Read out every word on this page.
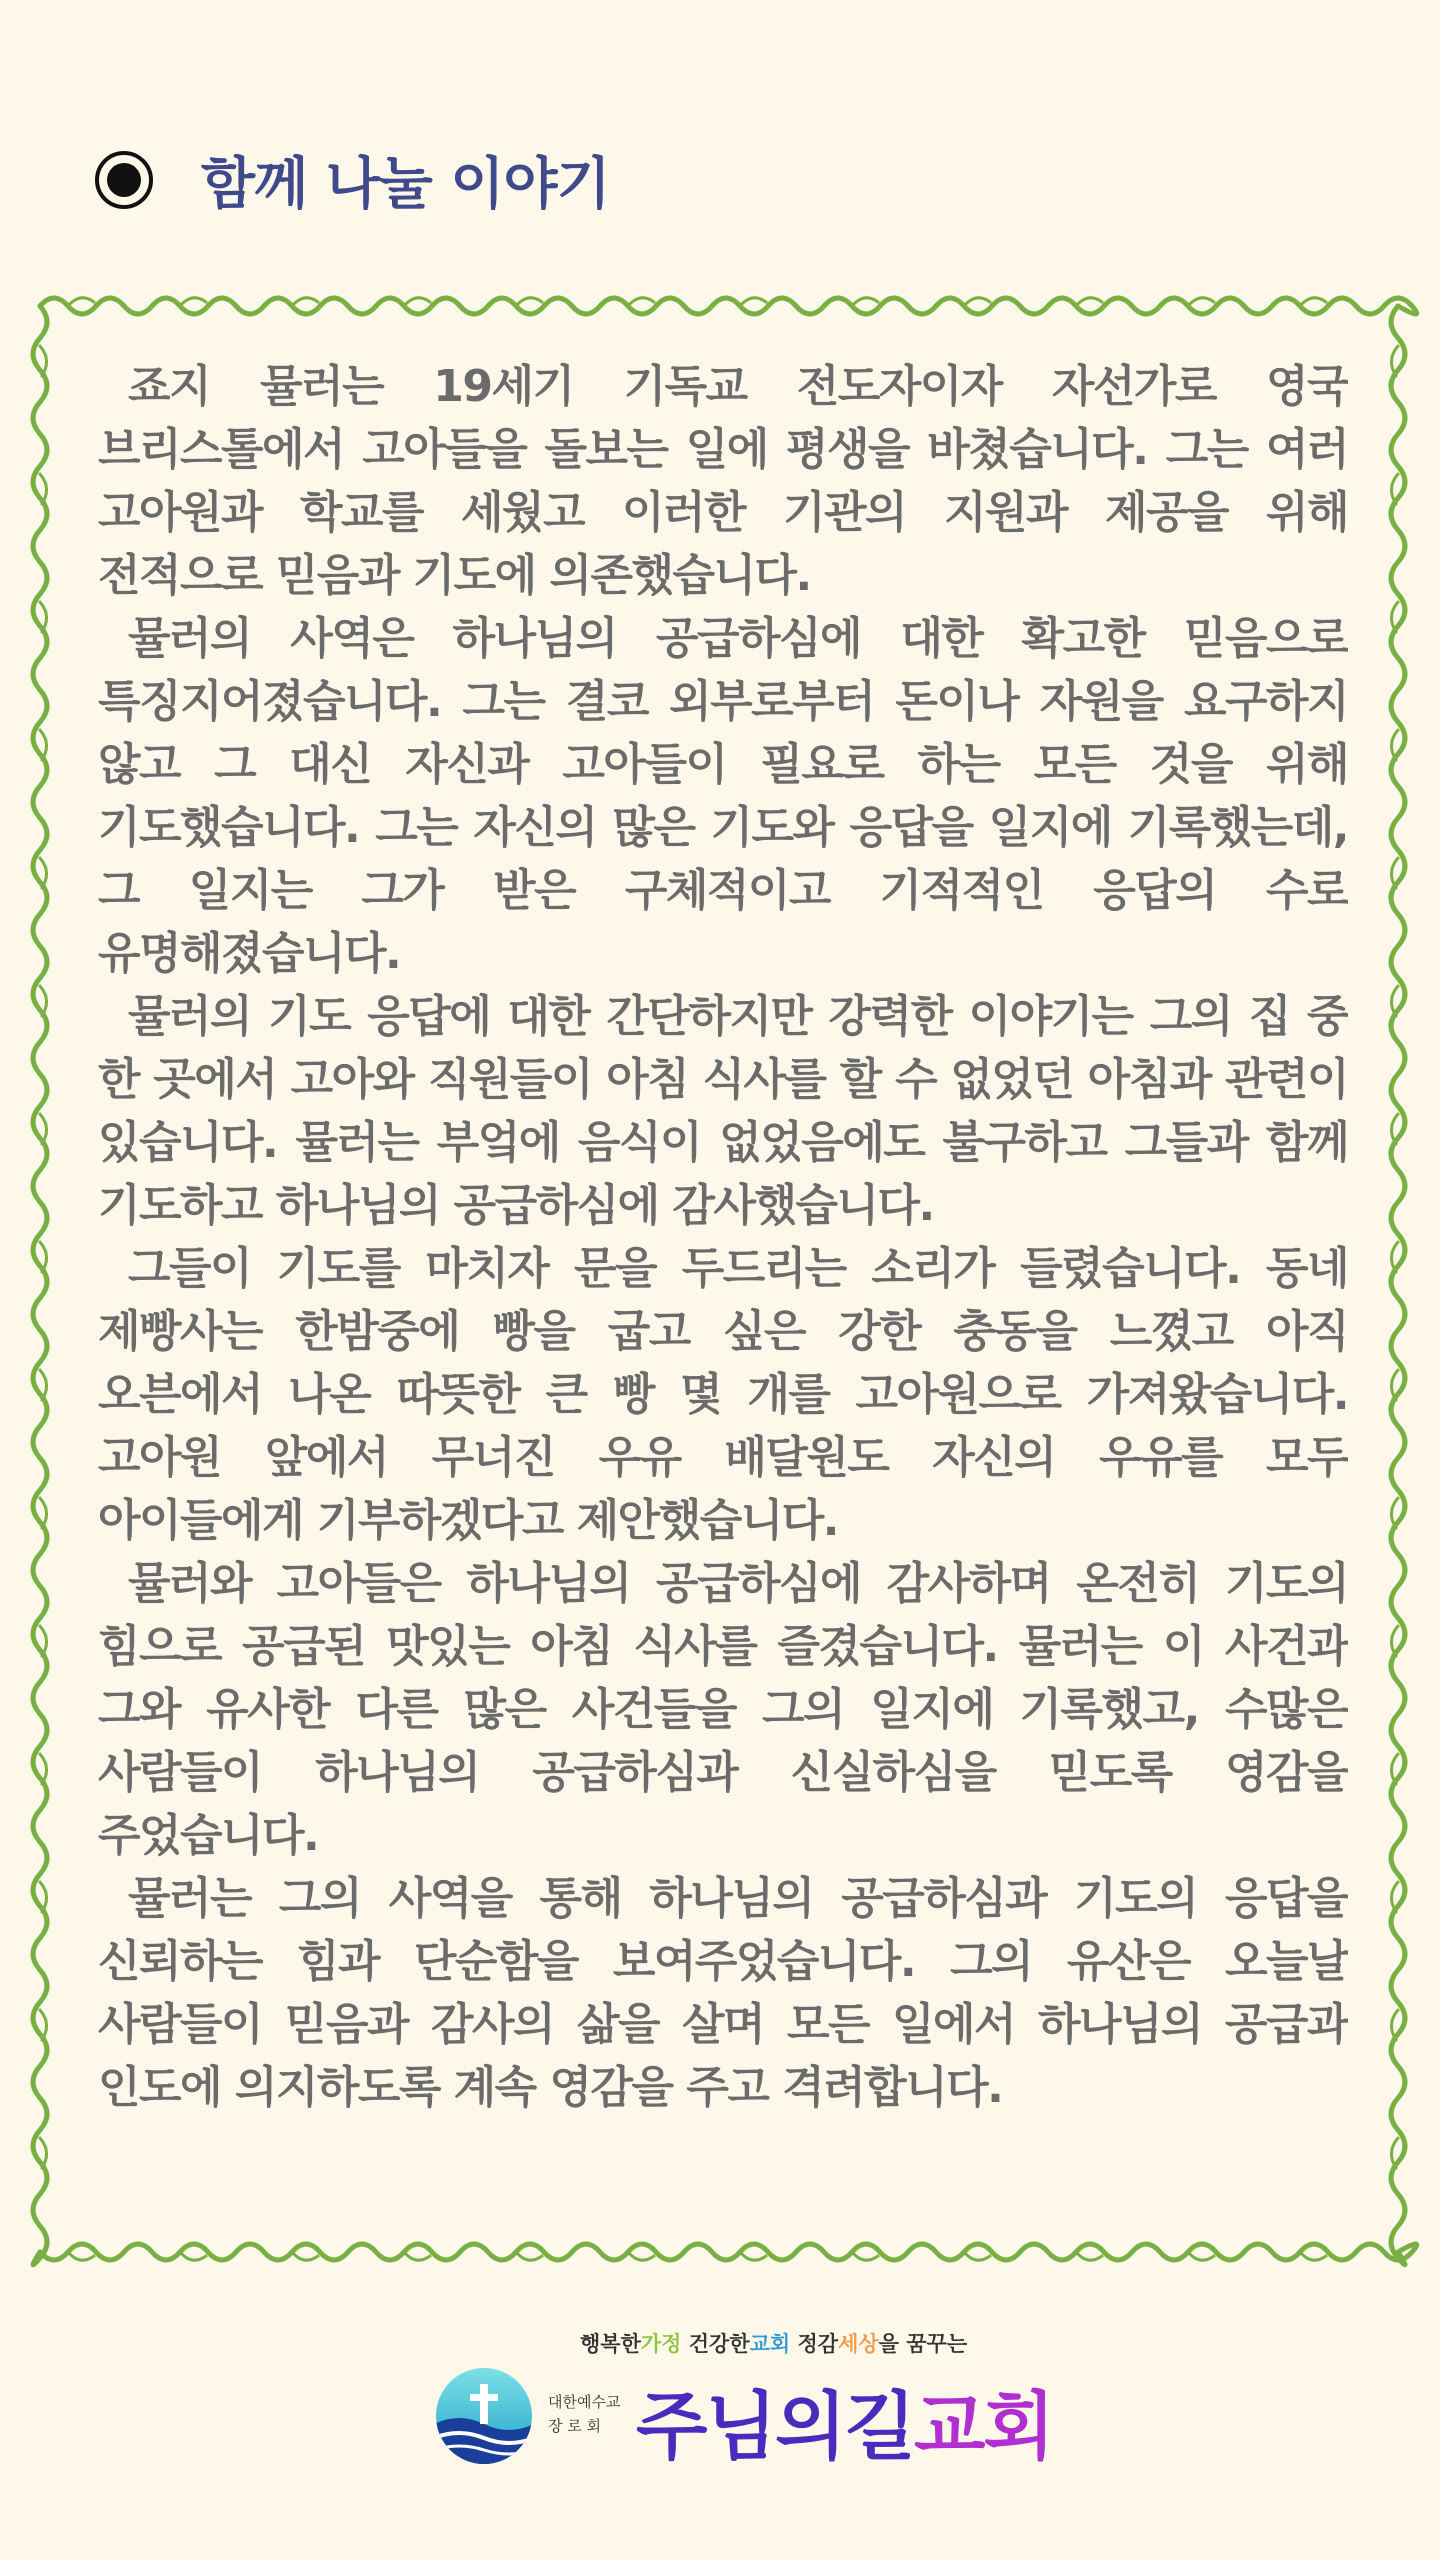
함께 나눌 이야기

죠지 뮬러는 19세기 기독교 전도자이자 자선가로 영국 브리스톨에서 고아들을 돌보는 일에 평생을 바쳤습니다. 그는 여러 고아원과 학교를 세웠고 이러한 기관의 지원과 제공을 위해 전적으로 믿음과 기도에 의존했습니다.

뮬러의 사역은 하나님의 공급하심에 대한 확고한 믿음으로 특징지어졌습니다. 그는 결코 외부로부터 돈이나 자원을 요구하지 않고 그 대신 자신과 고아들이 필요로 하는 모든 것을 위해 기도했습니다. 그는 자신의 많은 기도와 응답을 일지에 기록했는데, 그 일지는 그가 받은 구체적이고 기적적인 응답의 수로 유명해졌습니다.

뮬러의 기도 응답에 대한 간단하지만 강력한 이야기는 그의 집 중 한 곳에서 고아와 직원들이 아침 식사를 할 수 없었던 아침과 관련이 있습니다. 뮬러는 부엌에 음식이 없었음에도 불구하고 그들과 함께 기도하고 하나님의 공급하심에 감사했습니다.

그들이 기도를 마치자 문을 두드리는 소리가 들렸습니다. 동네 제빵사는 한밤중에 빵을 굽고 싶은 강한 충동을 느꼈고 아직 오븐에서 나온 따뜻한 큰 빵 몇 개를 고아원으로 가져왔습니다. 고아원 앞에서 무너진 우유 배달원도 자신의 우유를 모두 아이들에게 기부하겠다고 제안했습니다.

뮬러와 고아들은 하나님의 공급하심에 감사하며 온전히 기도의 힘으로 공급된 맛있는 아침 식사를 즐겼습니다. 뮬러는 이 사건과 그와 유사한 다른 많은 사건들을 그의 일지에 기록했고, 수많은 사람들이 하나님의 공급하심과 신실하심을 믿도록 영감을 주었습니다.

뮬러는 그의 사역을 통해 하나님의 공급하심과 기도의 응답을 신뢰하는 힘과 단순함을 보여주었습니다. 그의 유산은 오늘날 사람들이 믿음과 감사의 삶을 살며 모든 일에서 하나님의 공급과 인도에 의지하도록 계속 영감을 주고 격려합니다.

행복한가정 건강한교회 정감세상을 꿈꾸는
대한예수교
장 로 회 주님의길교회
